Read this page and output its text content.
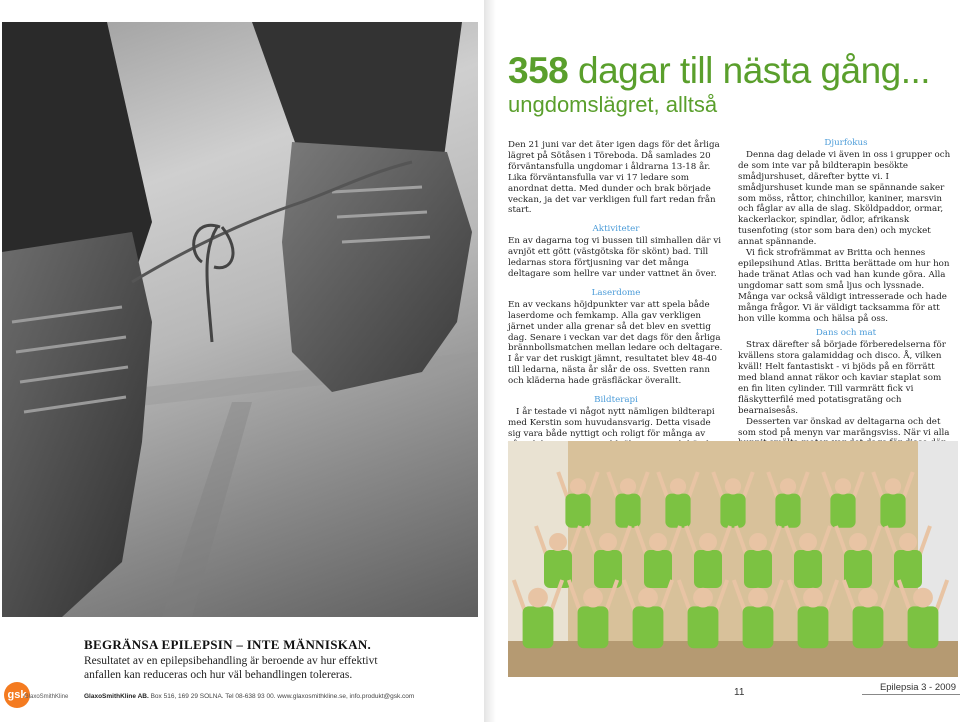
BEGRÄNSA EPILEPSIN – INTE MÄNNISKAN.
Resultatet av en epilepsibehandling är beroende av hur effektivt anfallen kan reduceras och hur väl behandlingen tolereras.
gsk
GlaxoSmithKline GlaxoSmithKline AB. Box 516, 169 29 SOLNA. Tel 08-638 93 00. www.glaxosmithkline.se, info.produkt@gsk.com
358 dagar till nästa gång...
ungdomslägret, alltså

Den 21 juni var det äter igen dags för det årliga lägret på Sötåsen i Töreboda. Då samlades 20 förväntansfulla ungdomar i åldrarna 13-18 år. Lika förväntansfulla var vi 17 ledare som anordnat detta. Med dunder och brak började veckan, ja det var verkligen full fart redan från start.

Aktiviteter

En av dagarna tog vi bussen till simhallen där vi avnjöt ett gött (västgötska för skönt) bad. Till ledarnas stora förtjusning var det många deltagare som hellre var under vattnet än över.

Laserdome

En av veckans höjdpunkter var att spela både laserdome och femkamp. Alla gav verkligen järnet under alla grenar så det blev en svettig dag. Senare i veckan var det dags för den årliga brännbollsmatchen mellan ledare och deltagare. I år var det ruskigt jämnt, resultatet blev 48-40 till ledarna, nästa år slår de oss. Svetten rann och kläderna hade gräsfläckar överallt.

Bildterapi

I år testade vi något nytt nämligen bildterapi med Kerstin som huvudansvarig. Detta visade sig vara både nyttigt och roligt för många av

Djurfokus

Denna dag delade vi även in oss i grupper och de som inte var på bildterapin besökte smådjurshuset, därefter bytte vi. I smådjurshuset kunde man se spännande saker som möss, råttor, chinchillor, kaniner, marsvin och fåglar av alla de slag. Sköldpaddor, ormar, kackerlackor, spindlar, ödlor, afrikansk tusenfoting (stor som bara den) och mycket annat spännande.

Vi fick strofrämmat av Britta och hennes epilepsihund Atlas. Britta berättade om hur hon hade tränat Atlas och vad han kunde göra. Alla ungdomar satt som små ljus och lyssnade. Många var också väldigt intresserade och hade många frågor. Vi är väldigt tacksamma för att hon ville komma och hälsa på oss.

Dans och mat

Strax därefter så började förberedelserna för kvällens stora galamiddag och disco. Å, vilken kväll! Helt fantastiskt - vi bjöds på en förrätt med bland annat räkor och kaviar staplat som en fin liten cylinder. Till varmrätt fick vi fläskytterfilé med potatisgratäng och bearnaisesås.

Desserten var önskad av deltagarna och det som stod på menyn var marängsviss. När vi alla

11	Epilepsia 3 - 2009
